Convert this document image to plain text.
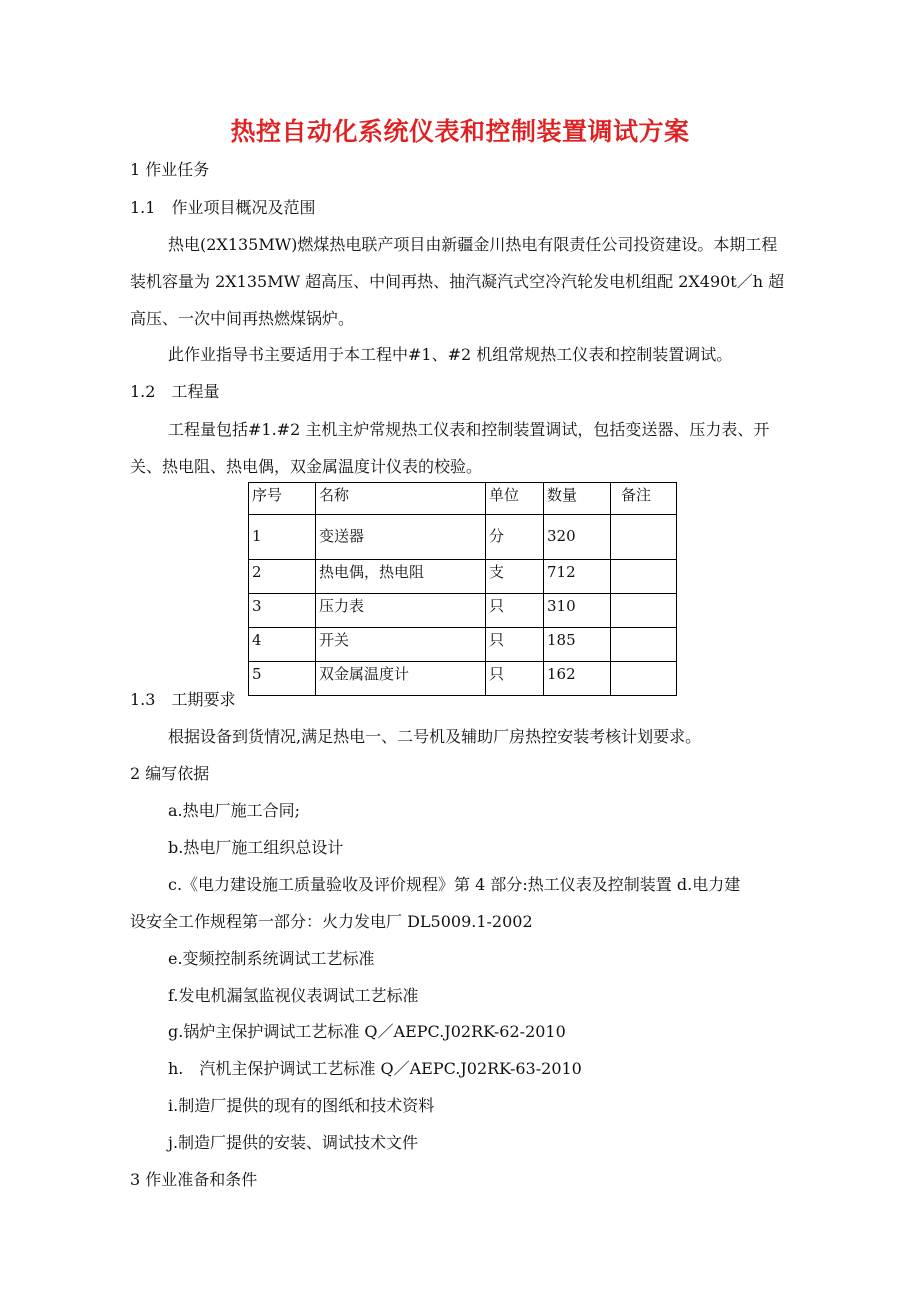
热控自动化系统仪表和控制装置调试方案
1 作业任务
1.1　作业项目概况及范围
热电(2X135MW)燃煤热电联产项目由新疆金川热电有限责任公司投资建设。本期工程
装机容量为 2X135MW 超高压、中间再热、抽汽凝汽式空冷汽轮发电机组配 2X490t／h 超
高压、一次中间再热燃煤锅炉。
此作业指导书主要适用于本工程中#1、#2 机组常规热工仪表和控制装置调试。
1.2　工程量
工程量包括#1.#2 主机主炉常规热工仪表和控制装置调试，包括变送器、压力表、开
关、热电阻、热电偶，双金属温度计仪表的校验。
序号	名称	单位	数量	备注
1	变送器	分	320	
2	热电偶，热电阻	支	712	
3	压力表	只	310	
4	开关	只	185	
5	双金属温度计	只	162	
1.3　工期要求
根据设备到货情况,满足热电一、二号机及辅助厂房热控安装考核计划要求。
2 编写依据
a.热电厂施工合同;
b.热电厂施工组织总设计
c.《电力建设施工质量验收及评价规程》第 4 部分:热工仪表及控制装置 d.电力建
设安全工作规程第一部分：火力发电厂 DL5009.1-2002
e.变频控制系统调试工艺标准
f.发电机漏氢监视仪表调试工艺标准
g.锅炉主保护调试工艺标准 Q／AEPC.J02RK-62-2010
h.　汽机主保护调试工艺标准 Q／AEPC.J02RK-63-2010
i.制造厂提供的现有的图纸和技术资料
j.制造厂提供的安装、调试技术文件
3 作业准备和条件
